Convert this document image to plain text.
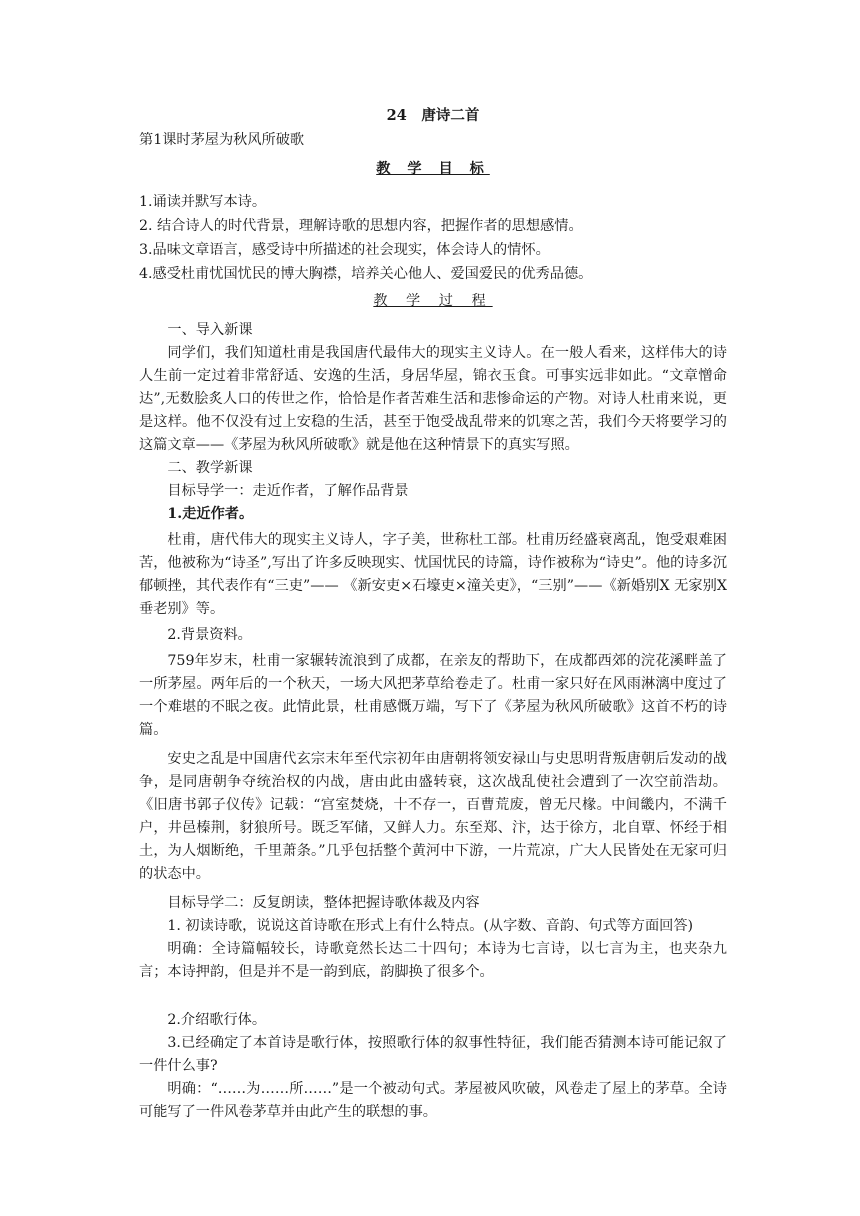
24　唐诗二首
第1课时茅屋为秋风所破歌
教 学 目 标

1.诵读并默写本诗。

2. 结合诗人的时代背景，理解诗歌的思想内容，把握作者的思想感情。

3.品味文章语言，感受诗中所描述的社会现实，体会诗人的情怀。

4.感受杜甫忧国忧民的博大胸襟，培养关心他人、爱国爱民的优秀品德。

教 学 过 程

一、导入新课

同学们，我们知道杜甫是我国唐代最伟大的现实主义诗人。在一般人看来，这样伟大的诗人生前一定过着非常舒适、安逸的生活，身居华屋，锦衣玉食。可事实远非如此。“文章憎命达”,无数脍炙人口的传世之作，恰恰是作者苦难生活和悲惨命运的产物。对诗人杜甫来说，更是这样。他不仅没有过上安稳的生活，甚至于饱受战乱带来的饥寒之苦，我们今天将要学习的这篇文章——《茅屋为秋风所破歌》就是他在这种情景下的真实写照。

二、教学新课

目标导学一：走近作者，了解作品背景

1.走近作者。

杜甫，唐代伟大的现实主义诗人，字子美，世称杜工部。杜甫历经盛衰离乱，饱受艰难困苦，他被称为“诗圣”,写出了许多反映现实、忧国忧民的诗篇，诗作被称为“诗史”。他的诗多沉郁顿挫，其代表作有“三吏”—— 《新安吏×石壕吏×潼关吏》，“三别”——《新婚别X 无家别X 垂老别》等。

2.背景资料。

759年岁末，杜甫一家辗转流浪到了成都，在亲友的帮助下，在成都西郊的浣花溪畔盖了一所茅屋。两年后的一个秋天，一场大风把茅草给卷走了。杜甫一家只好在风雨淋漓中度过了一个难堪的不眠之夜。此情此景，杜甫感慨万端，写下了《茅屋为秋风所破歌》这首不朽的诗篇。

安史之乱是中国唐代玄宗末年至代宗初年由唐朝将领安禄山与史思明背叛唐朝后发动的战争，是同唐朝争夺统治权的内战，唐由此由盛转衰，这次战乱使社会遭到了一次空前浩劫。《旧唐书郭子仪传》记载：“宫室焚烧，十不存一，百曹荒废，曾无尺椽。中间畿内，不满千户，井邑榛荆，豺狼所号。既乏军储，又鲜人力。东至郑、汴，达于徐方，北自覃、怀经于相土，为人烟断绝，千里萧条。”几乎包括整个黄河中下游，一片荒凉，广大人民皆处在无家可归的状态中。

目标导学二：反复朗读，整体把握诗歌体裁及内容

1. 初读诗歌，说说这首诗歌在形式上有什么特点。(从字数、音韵、句式等方面回答)

明确：全诗篇幅较长，诗歌竟然长达二十四句；本诗为七言诗，以七言为主，也夹杂九言；本诗押韵，但是并不是一韵到底，韵脚换了很多个。

2.介绍歌行体。

3.已经确定了本首诗是歌行体，按照歌行体的叙事性特征，我们能否猜测本诗可能记叙了一件什么事?

明确：“……为……所……”是一个被动句式。茅屋被风吹破，风卷走了屋上的茅草。全诗可能写了一件风卷茅草并由此产生的联想的事。
